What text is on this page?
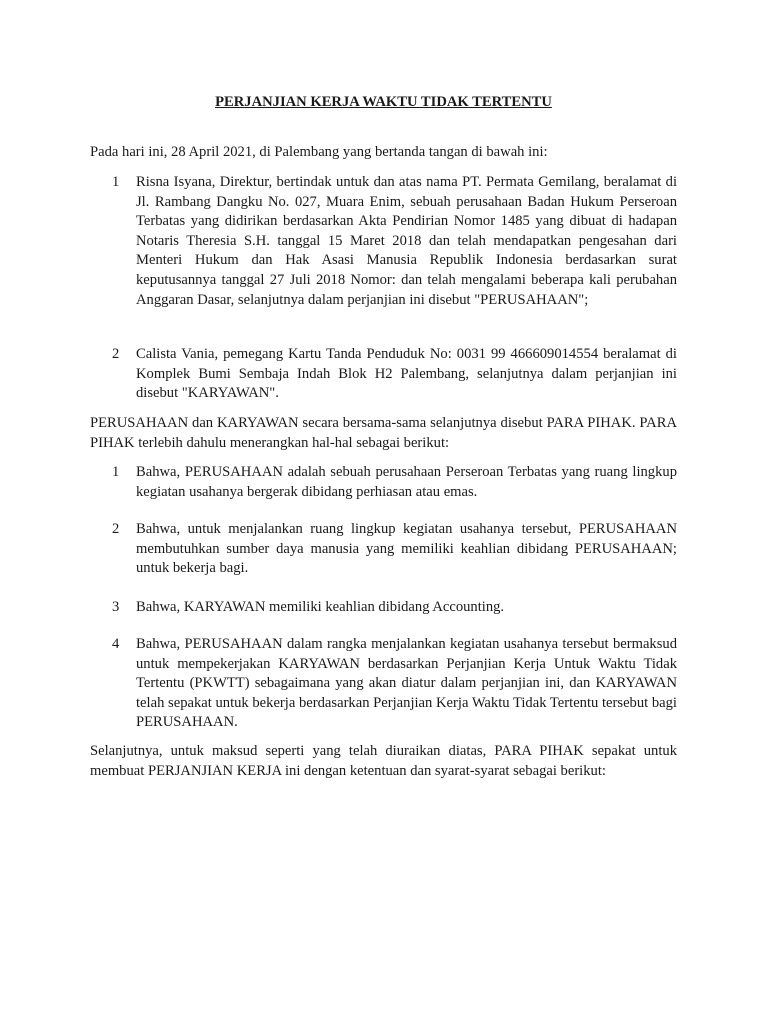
PERJANJIAN KERJA WAKTU TIDAK TERTENTU

Pada hari ini, 28 April 2021, di Palembang yang bertanda tangan di bawah ini:

1	Risna Isyana, Direktur, bertindak untuk dan atas nama PT. Permata Gemilang, beralamat di Jl. Rambang Dangku No. 027, Muara Enim, sebuah perusahaan Badan Hukum Perseroan Terbatas yang didirikan berdasarkan Akta Pendirian Nomor 1485 yang dibuat di hadapan Notaris Theresia S.H. tanggal 15 Maret 2018 dan telah mendapatkan pengesahan dari Menteri Hukum dan Hak Asasi Manusia Republik Indonesia berdasarkan surat keputusannya tanggal 27 Juli 2018 Nomor: dan telah mengalami beberapa kali perubahan Anggaran Dasar, selanjutnya dalam perjanjian ini disebut "PERUSAHAAN";
2	Calista Vania, pemegang Kartu Tanda Penduduk No: 0031 99 466609014554 beralamat di Komplek Bumi Sembaja Indah Blok H2 Palembang, selanjutnya dalam perjanjian ini disebut "KARYAWAN".

PERUSAHAAN dan KARYAWAN secara bersama-sama selanjutnya disebut PARA PIHAK. PARA PIHAK terlebih dahulu menerangkan hal-hal sebagai berikut:

1	Bahwa, PERUSAHAAN adalah sebuah perusahaan Perseroan Terbatas yang ruang lingkup kegiatan usahanya bergerak dibidang perhiasan atau emas.
2	Bahwa, untuk menjalankan ruang lingkup kegiatan usahanya tersebut, PERUSAHAAN membutuhkan sumber daya manusia yang memiliki keahlian dibidang PERUSAHAAN; untuk bekerja bagi.
3	Bahwa, KARYAWAN memiliki keahlian dibidang Accounting.
4	Bahwa, PERUSAHAAN dalam rangka menjalankan kegiatan usahanya tersebut bermaksud untuk mempekerjakan KARYAWAN berdasarkan Perjanjian Kerja Untuk Waktu Tidak Tertentu (PKWTT) sebagaimana yang akan diatur dalam perjanjian ini, dan KARYAWAN telah sepakat untuk bekerja berdasarkan Perjanjian Kerja Waktu Tidak Tertentu tersebut bagi PERUSAHAAN.

Selanjutnya, untuk maksud seperti yang telah diuraikan diatas, PARA PIHAK sepakat untuk membuat PERJANJIAN KERJA ini dengan ketentuan dan syarat-syarat sebagai berikut:
